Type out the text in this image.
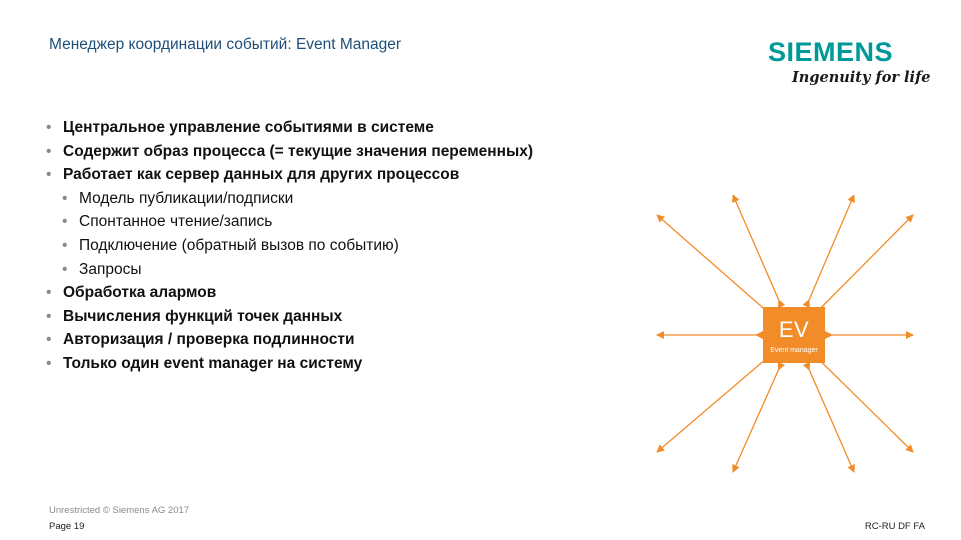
Менеджер координации событий: Event Manager	SIEMENS
Ingenuity for life
• Центральное управление событиями в системе
• Содержит образ процесса (= текущие значения переменных)
• Работает как сервер данных для других процессов
• Модель публикации/подписки
• Спонтанное чтение/запись
• Подключение (обратный вызов по событию)
• Запросы
• Обработка алармов
• Вычисления функций точек данных
• Авторизация / проверка подлинности
• Только один event manager на систему
EV
Event manager
Unrestricted © Siemens AG 2017
Page 19	RC-RU DF FA
